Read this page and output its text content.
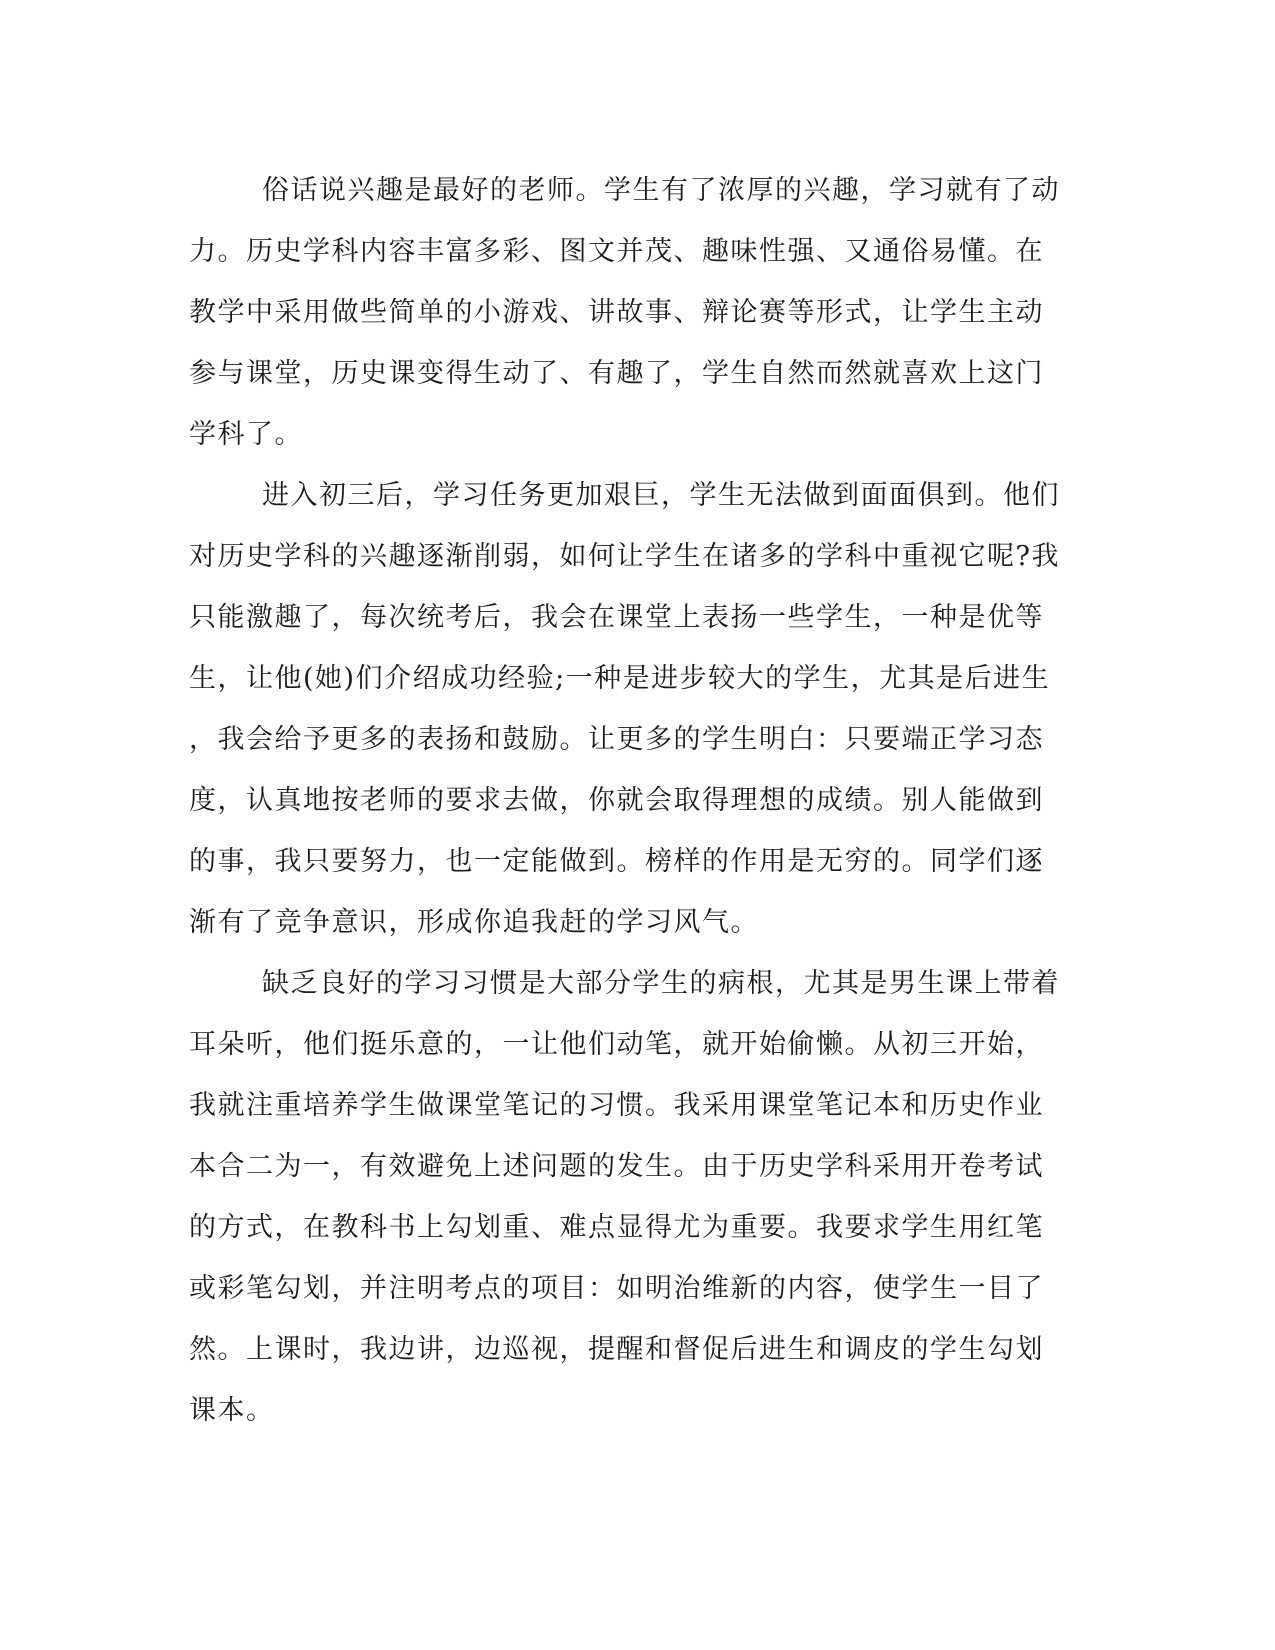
俗话说兴趣是最好的老师。学生有了浓厚的兴趣，学习就有了动
力。历史学科内容丰富多彩、图文并茂、趣味性强、又通俗易懂。在
教学中采用做些简单的小游戏、讲故事、辩论赛等形式，让学生主动
参与课堂，历史课变得生动了、有趣了，学生自然而然就喜欢上这门
学科了。
进入初三后，学习任务更加艰巨，学生无法做到面面俱到。他们
对历史学科的兴趣逐渐削弱，如何让学生在诸多的学科中重视它呢?我
只能激趣了，每次统考后，我会在课堂上表扬一些学生，一种是优等
生，让他(她)们介绍成功经验;一种是进步较大的学生，尤其是后进生
，我会给予更多的表扬和鼓励。让更多的学生明白：只要端正学习态
度，认真地按老师的要求去做，你就会取得理想的成绩。别人能做到
的事，我只要努力，也一定能做到。榜样的作用是无穷的。同学们逐
渐有了竞争意识，形成你追我赶的学习风气。
缺乏良好的学习习惯是大部分学生的病根，尤其是男生课上带着
耳朵听，他们挺乐意的，一让他们动笔，就开始偷懒。从初三开始，
我就注重培养学生做课堂笔记的习惯。我采用课堂笔记本和历史作业
本合二为一，有效避免上述问题的发生。由于历史学科采用开卷考试
的方式，在教科书上勾划重、难点显得尤为重要。我要求学生用红笔
或彩笔勾划，并注明考点的项目：如明治维新的内容，使学生一目了
然。上课时，我边讲，边巡视，提醒和督促后进生和调皮的学生勾划
课本。
